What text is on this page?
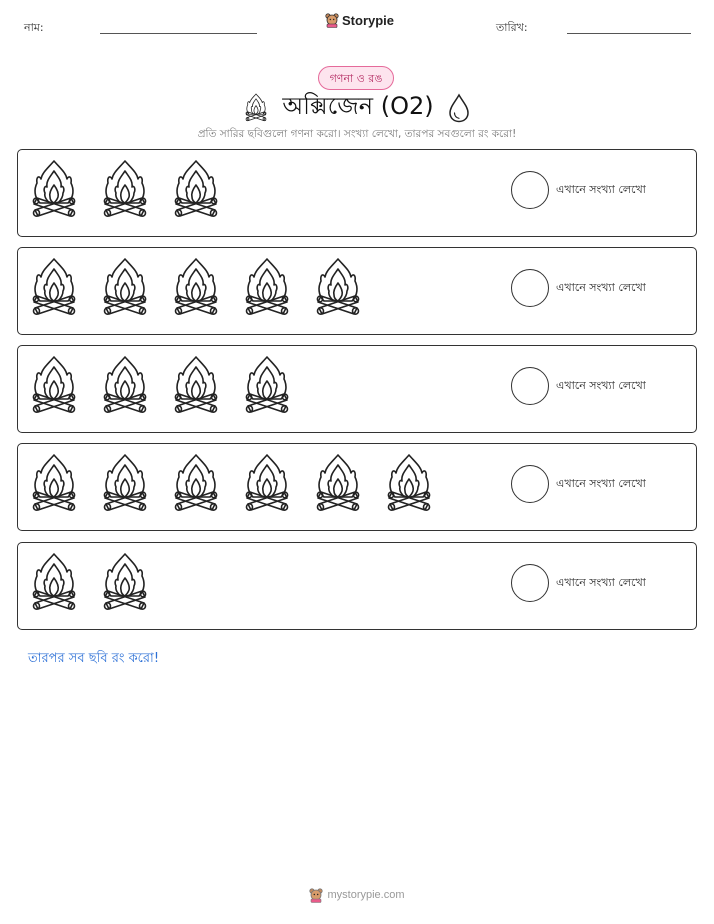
নাম:	Storypie	তারিখ:
গণনা ও রঙ
অক্সিজেন (O2)
প্রতি সারির ছবিগুলো গণনা করো। সংখ্যা লেখো, তারপর সবগুলো রং করো!
এখানে সংখ্যা লেখো
এখানে সংখ্যা লেখো
এখানে সংখ্যা লেখো
এখানে সংখ্যা লেখো
এখানে সংখ্যা লেখো
তারপর সব ছবি রং করো!
mystorypie.com
